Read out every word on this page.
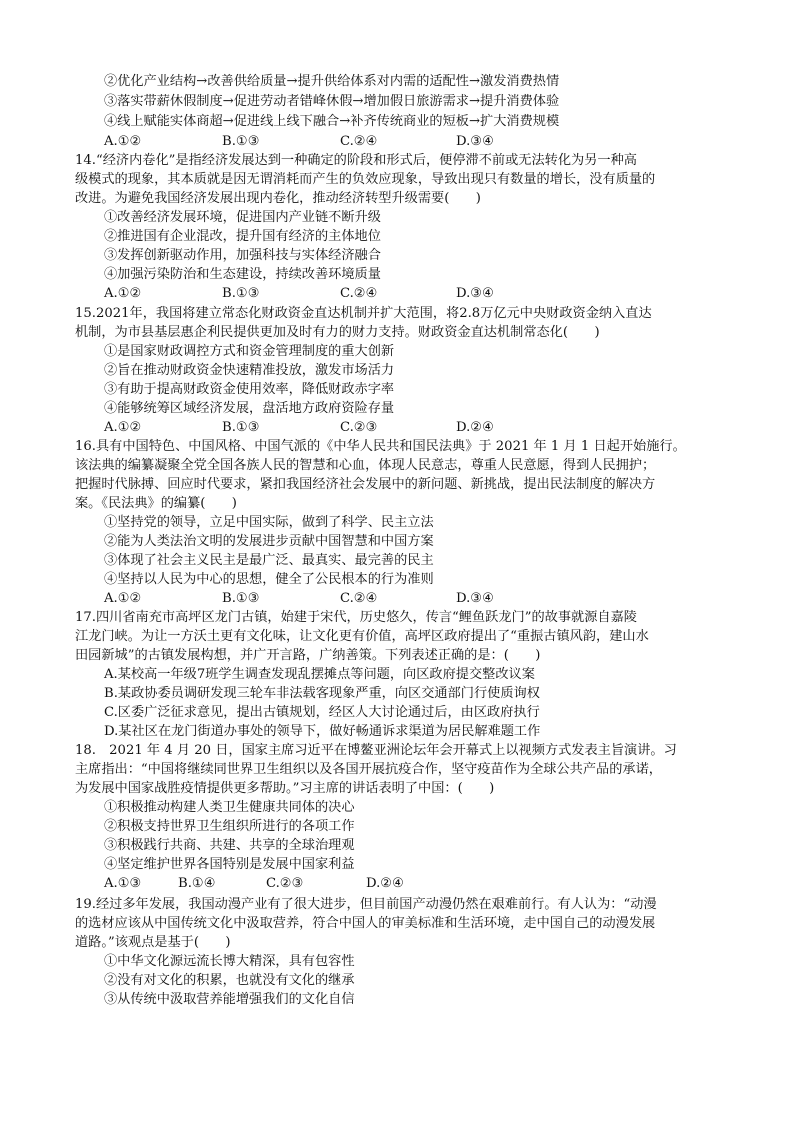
②优化产业结构→改善供给质量→提升供给体系对内需的适配性→激发消费热情
③落实带薪休假制度→促进劳动者错峰休假→增加假日旅游需求→提升消费体验
④线上赋能实体商超→促进线上线下融合→补齐传统商业的短板→扩大消费规模
A.①②	B.①③	C.②④	D.③④
14.“经济内卷化”是指经济发展达到一种确定的阶段和形式后，便停滞不前或无法转化为另一种高
级模式的现象，其本质就是因无谓消耗而产生的负效应现象，导致出现只有数量的增长，没有质量的
改进。为避免我国经济发展出现内卷化，推动经济转型升级需要(　　)
①改善经济发展环境，促进国内产业链不断升级
②推进国有企业混改，提升国有经济的主体地位
③发挥创新驱动作用，加强科技与实体经济融合
④加强污染防治和生态建设，持续改善环境质量
A.①②	B.①③	C.②④	D.③④
15.2021年，我国将建立常态化财政资金直达机制并扩大范围，将2.8万亿元中央财政资金纳入直达
机制，为市县基层惠企利民提供更加及时有力的财力支持。财政资金直达机制常态化(　　)
①是国家财政调控方式和资金管理制度的重大创新
②旨在推动财政资金快速精准投放，激发市场活力
③有助于提高财政资金使用效率，降低财政赤字率
④能够统筹区域经济发展，盘活地方政府资险存量
A.①②	B.①③	C.②③	D.②④
16.具有中国特色、中国风格、中国气派的《中华人民共和国民法典》于 2021 年 1 月 1 日起开始施行。
该法典的编纂凝聚全党全国各族人民的智慧和心血，体现人民意志，尊重人民意愿，得到人民拥护；
把握时代脉搏、回应时代要求，紧扣我国经济社会发展中的新问题、新挑战，提出民法制度的解决方
案。《民法典》的编纂(　　)
①坚持党的领导，立足中国实际，做到了科学、民主立法
②能为人类法治文明的发展进步贡献中国智慧和中国方案
③体现了社会主义民主是最广泛、最真实、最完善的民主
④坚持以人民为中心的思想，健全了公民根本的行为准则
A.①②	B.①③	C.②④	D.③④
17.四川省南充市高坪区龙门古镇，始建于宋代，历史悠久，传言“鲤鱼跃龙门”的故事就源自嘉陵
江龙门峡。为让一方沃土更有文化味，让文化更有价值，高坪区政府提出了“重振古镇风韵，建山水
田园新城”的古镇发展构想，并广开言路，广纳善策。下列表述正确的是：(　　)
A.某校高一年级7班学生调查发现乱摆摊点等问题，向区政府提交整改议案
B.某政协委员调研发现三轮车非法载客现象严重，向区交通部门行使质询权
C.区委广泛征求意见，提出古镇规划，经区人大讨论通过后，由区政府执行
D.某社区在龙门街道办事处的领导下，做好畅通诉求渠道为居民解难题工作
18.　2021 年 4 月 20 日，国家主席习近平在博鳌亚洲论坛年会开幕式上以视频方式发表主旨演讲。习
主席指出：“中国将继续同世界卫生组织以及各国开展抗疫合作，坚守疫苗作为全球公共产品的承诺，
为发展中国家战胜疫情提供更多帮助。”习主席的讲话表明了中国：(　　)
①积极推动构建人类卫生健康共同体的决心
②积极支持世界卫生组织所进行的各项工作
③积极践行共商、共建、共享的全球治理观
④坚定维护世界各国特别是发展中国家利益
A.①③	B.①④	C.②③	D.②④
19.经过多年发展，我国动漫产业有了很大进步，但目前国产动漫仍然在艰难前行。有人认为：“动漫
的选材应该从中国传统文化中汲取营养，符合中国人的审美标准和生活环境，走中国自己的动漫发展
道路。”该观点是基于(　　)
①中华文化源远流长博大精深，具有包容性
②没有对文化的积累，也就没有文化的继承
③从传统中汲取营养能增强我们的文化自信
